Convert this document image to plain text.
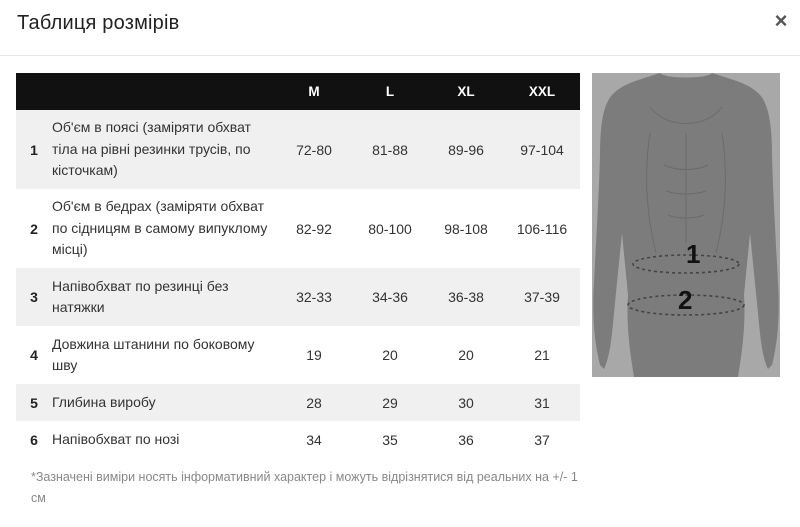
Таблиця розмірів	×
		M	L	XL	XXL
1	Об'єм в поясі (заміряти обхват тіла на рівні резинки трусів, по кісточкам)	72-80	81-88	89-96	97-104
2	Об'єм в бедрах (заміряти обхват по сідницям в самому випуклому місці)	82-92	80-100	98-108	106-116
3	Напівобхват по резинці без натяжки	32-33	34-36	36-38	37-39
4	Довжина штанини по боковому шву	19	20	20	21
5	Глибина виробу	28	29	30	31
6	Напівобхват по нозі	34	35	36	37
*Зазначені виміри носять інформативний характер і можуть відрізнятися від реальних на +/- 1 см
1
2
